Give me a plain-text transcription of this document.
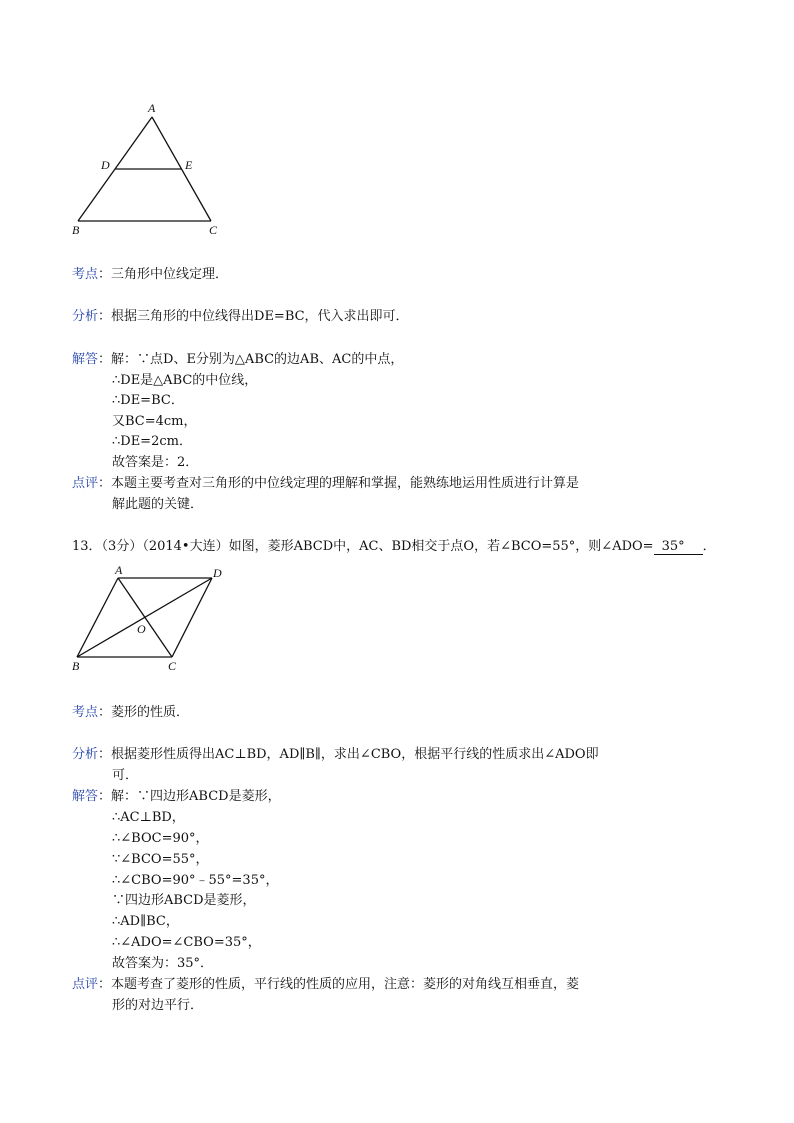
A
D	E
B	C
考点：三角形中位线定理．
分析：根据三角形的中位线得出DE=BC，代入求出即可．
解答：解：∵点D、E分别为△ABC的边AB、AC的中点，
∴DE是△ABC的中位线，
∴DE=BC．
又BC=4cm，
∴DE=2cm．
故答案是：2．
点评：本题主要考查对三角形的中位线定理的理解和掌握，能熟练地运用性质进行计算是
解此题的关键．
13．（3分）（2014•大连）如图，菱形ABCD中，AC、BD相交于点O，若∠BCO=55°，则∠ADO= 35° ．
A	D
O
B	C
考点：菱形的性质．
分析：根据菱形性质得出AC⊥BD，AD∥B∥，求出∠CBO，根据平行线的性质求出∠ADO即
可．
解答：解：∵四边形ABCD是菱形，
∴AC⊥BD，
∴∠BOC=90°，
∵∠BCO=55°，
∴∠CBO=90°﹣55°=35°，
∵四边形ABCD是菱形，
∴AD∥BC，
∴∠ADO=∠CBO=35°，
故答案为：35°．
点评：本题考查了菱形的性质，平行线的性质的应用，注意：菱形的对角线互相垂直，菱
形的对边平行．
